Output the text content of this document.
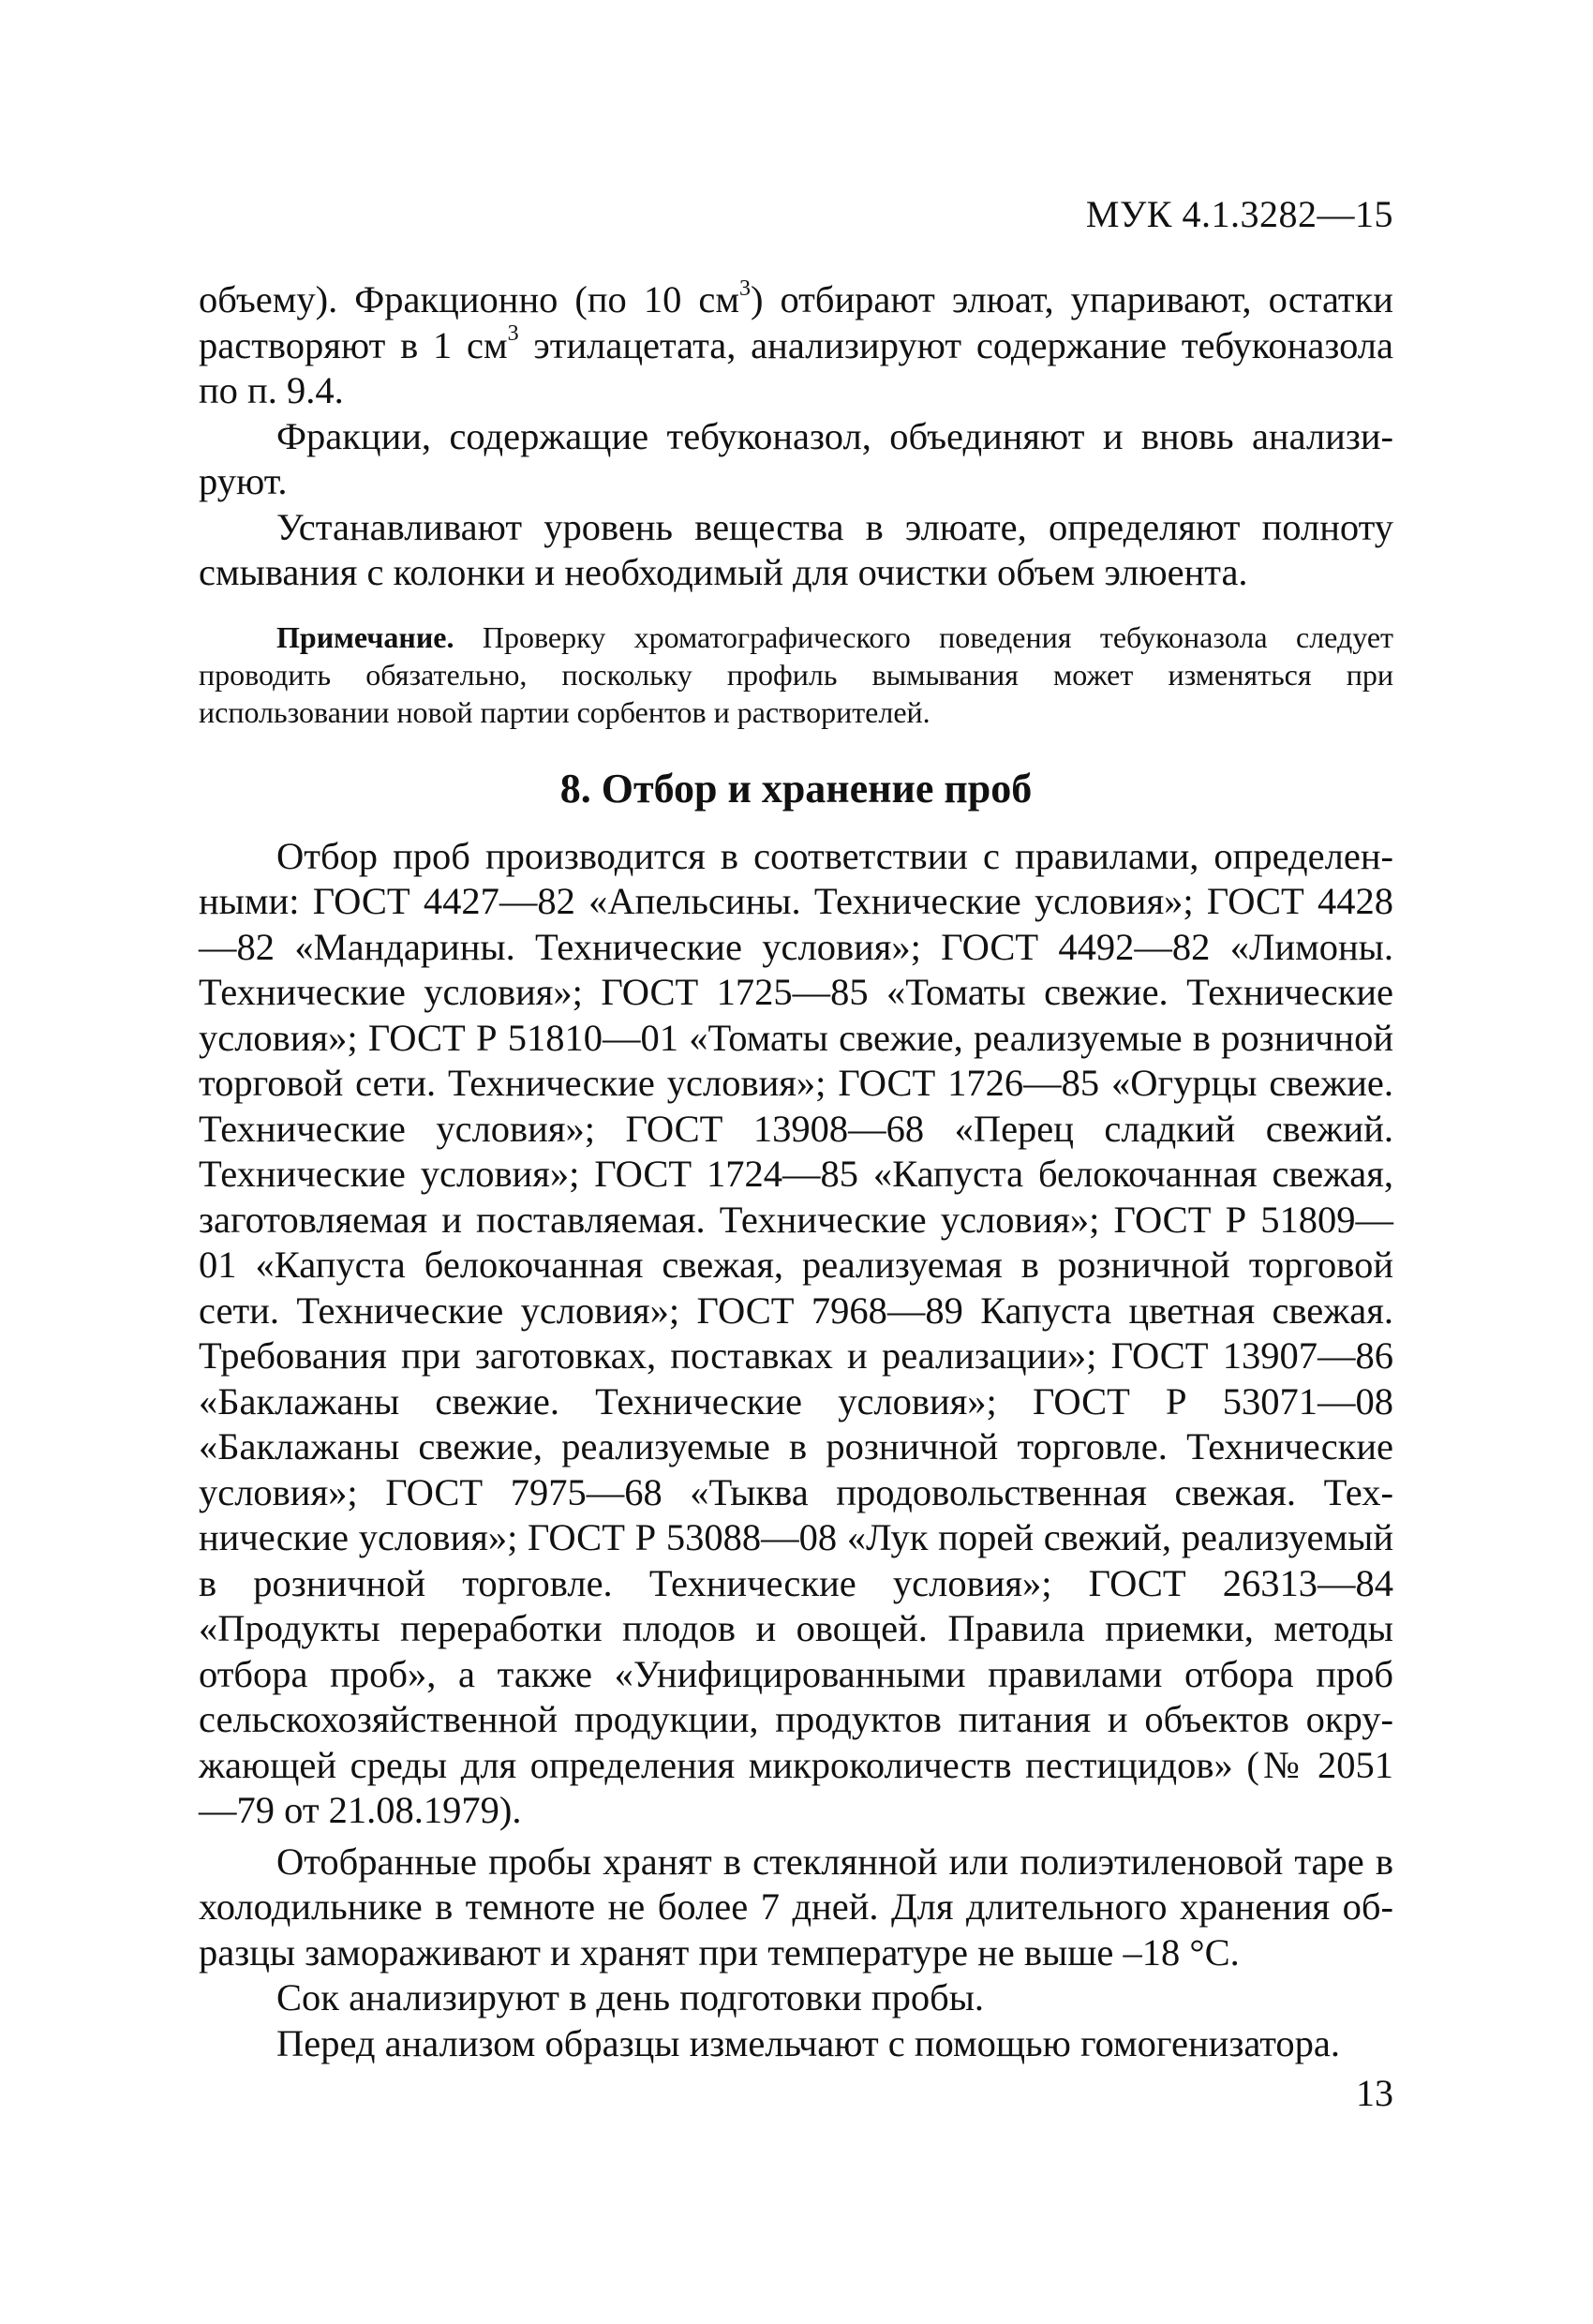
МУК 4.1.3282—15

объему). Фракционно (по 10 $см^3$) отбирают элюат, упаривают, остатки растворяют в 1 $см^3$ этилацетата, анализируют содержание тебуконазола по п. 9.4.

Фракции, содержащие тебуконазол, объединяют и вновь анализируют.

Устанавливают уровень вещества в элюате, определяют полноту смывания с колонки и необходимый для очистки объем элюента.

Примечание. Проверку хроматографического поведения тебуконазола следует проводить обязательно, поскольку профиль вымывания может изменяться при использовании новой партии сорбентов и растворителей.

8. Отбор и хранение проб

Отбор проб производится в соответствии с правилами, определенными: ГОСТ 4427—82 «Апельсины. Технические условия»; ГОСТ 4428—82 «Мандарины. Технические условия»; ГОСТ 4492—82 «Лимоны. Технические условия»; ГОСТ 1725—85 «Томаты свежие. Технические условия»; ГОСТ Р 51810—01 «Томаты свежие, реализуемые в розничной торговой сети. Технические условия»; ГОСТ 1726—85 «Огурцы свежие. Технические условия»; ГОСТ 13908—68 «Перец сладкий свежий. Технические условия»; ГОСТ 1724—85 «Капуста белокочанная свежая, заготовляемая и поставляемая. Технические условия»; ГОСТ Р 51809—01 «Капуста белокочанная свежая, реализуемая в розничной торговой сети. Технические условия»; ГОСТ 7968—89 Капуста цветная свежая. Требования при заготовках, поставках и реализации»; ГОСТ 13907—86 «Баклажаны свежие. Технические условия»; ГОСТ Р 53071—08 «Баклажаны свежие, реализуемые в розничной торговле. Технические условия»; ГОСТ 7975—68 «Тыква продовольственная свежая. Технические условия»; ГОСТ Р 53088—08 «Лук порей свежий, реализуемый в розничной торговле. Технические условия»; ГОСТ 26313—84 «Продукты переработки плодов и овощей. Правила приемки, методы отбора проб», а также «Унифицированными правилами отбора проб сельскохозяйственной продукции, продуктов питания и объектов окружающей среды для определения микроколичеств пестицидов» (№ 2051—79 от 21.08.1979).

Отобранные пробы хранят в стеклянной или полиэтиленовой таре в холодильнике в темноте не более 7 дней. Для длительного хранения образцы замораживают и хранят при температуре не выше –18 °С.

Сок анализируют в день подготовки пробы.

Перед анализом образцы измельчают с помощью гомогенизатора.

13
